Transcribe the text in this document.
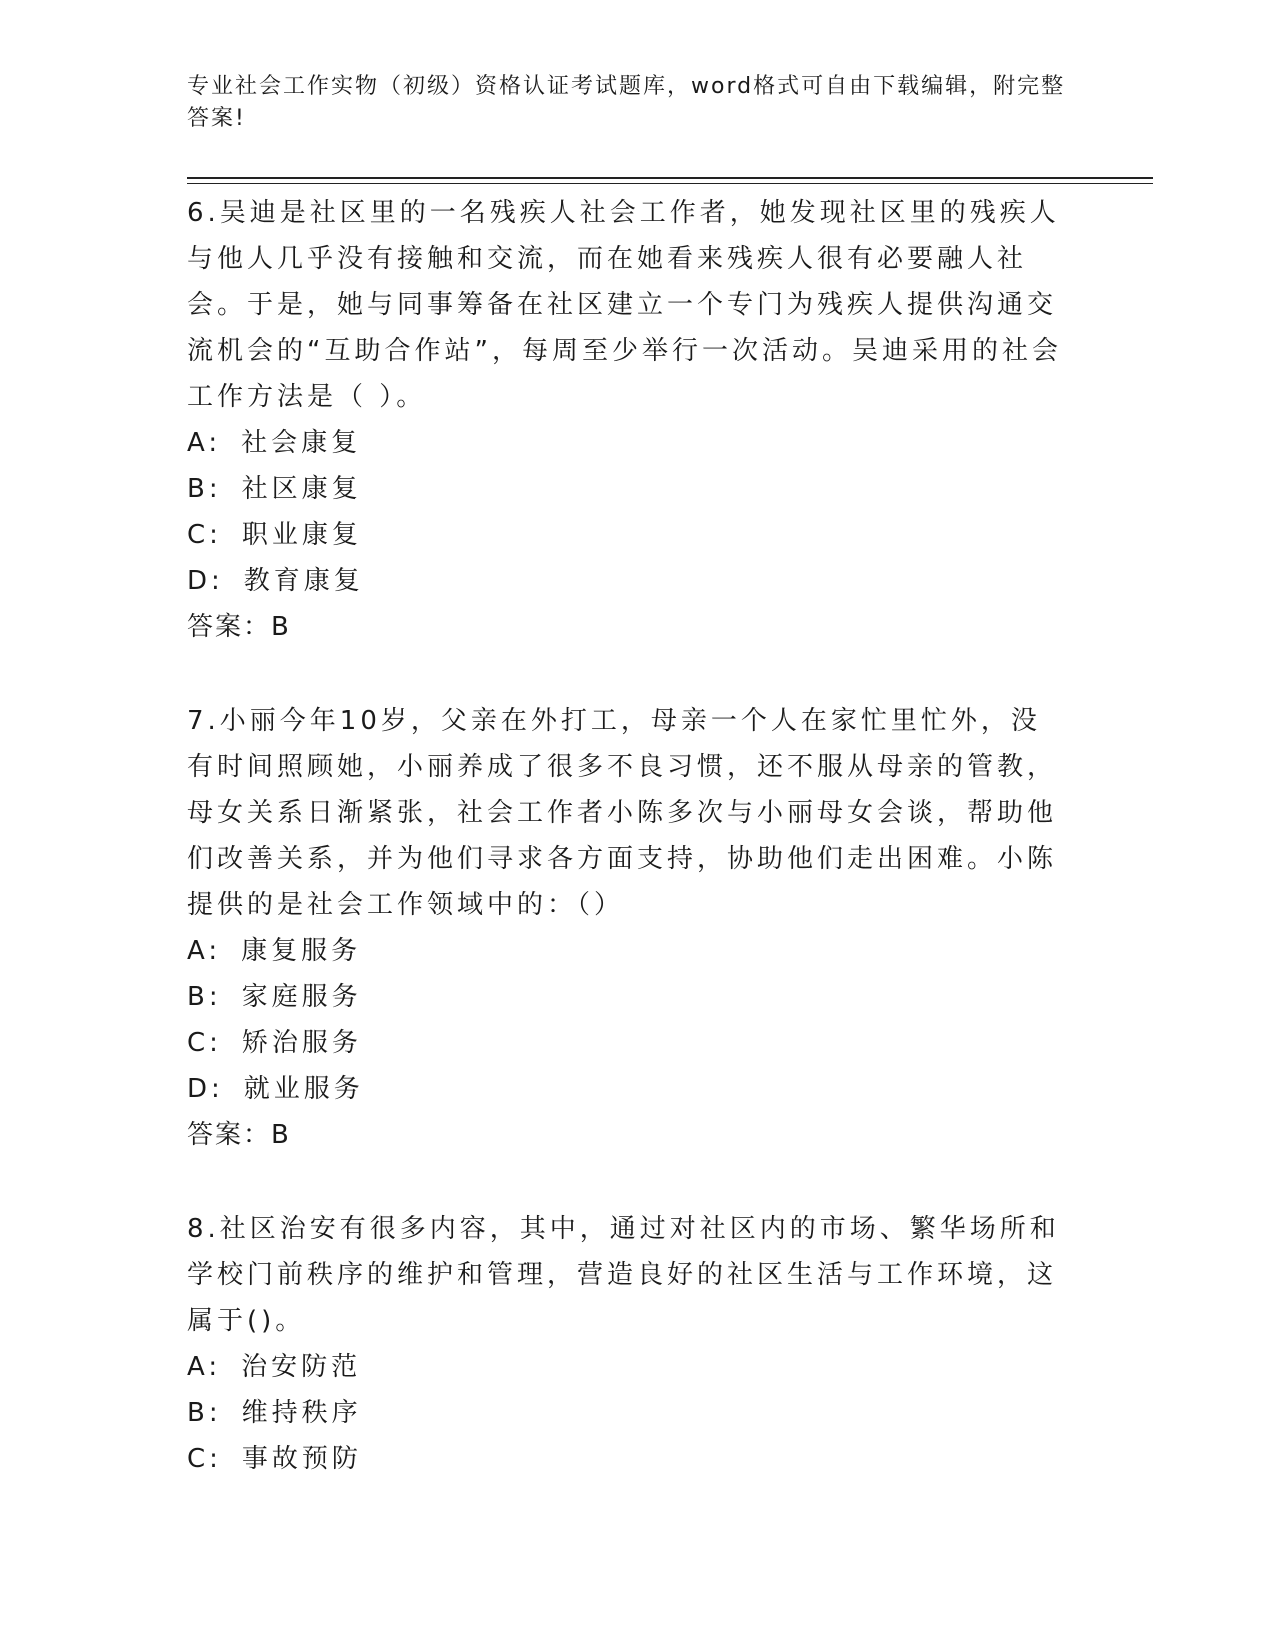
专业社会工作实物（初级）资格认证考试题库，word格式可自由下载编辑，附完整答案!

6.吴迪是社区里的一名残疾人社会工作者，她发现社区里的残疾人与他人几乎没有接触和交流，而在她看来残疾人很有必要融人社会。于是，她与同事筹备在社区建立一个专门为残疾人提供沟通交流机会的“互助合作站”，每周至少举行一次活动。吴迪采用的社会工作方法是（ ）。

A: 社会康复

B: 社区康复

C: 职业康复

D: 教育康复

答案：B

7.小丽今年10岁，父亲在外打工，母亲一个人在家忙里忙外，没有时间照顾她，小丽养成了很多不良习惯，还不服从母亲的管教，母女关系日渐紧张，社会工作者小陈多次与小丽母女会谈，帮助他们改善关系，并为他们寻求各方面支持，协助他们走出困难。小陈提供的是社会工作领域中的：（）

A: 康复服务

B: 家庭服务

C: 矫治服务

D: 就业服务

答案：B

8.社区治安有很多内容，其中，通过对社区内的市场、繁华场所和学校门前秩序的维护和管理，营造良好的社区生活与工作环境，这属于()。

A: 治安防范

B: 维持秩序

C: 事故预防
